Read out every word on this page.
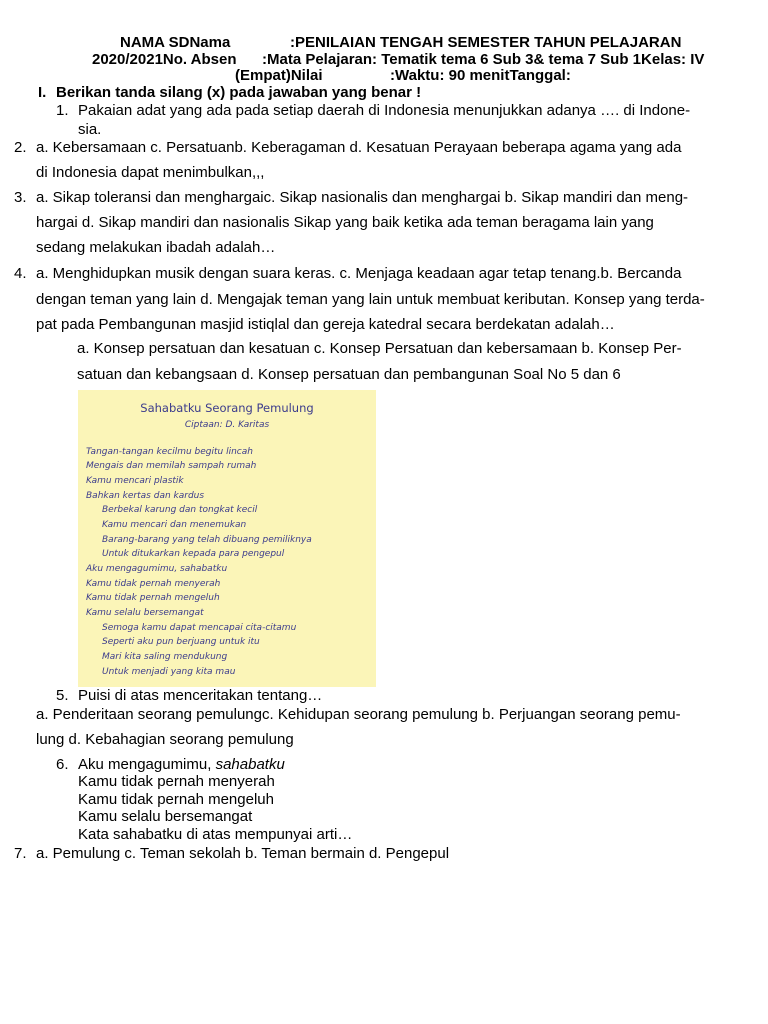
NAMA SDNama	:PENILAIAN TENGAH SEMESTER TAHUN PELAJARAN
2020/2021No. Absen :Mata Pelajaran: Tematik tema 6 Sub 3& tema 7 Sub 1Kelas: IV
(Empat)Nilai	:Waktu: 90 menitTanggal:
I. Berikan tanda silang (x) pada jawaban yang benar !
1. Pakaian adat yang ada pada setiap daerah di Indonesia menunjukkan adanya …. di Indone-
sia.
2. a. Kebersamaan c. Persatuanb. Keberagaman d. Kesatuan Perayaan beberapa agama yang ada
di Indonesia dapat menimbulkan,,,
3. a. Sikap toleransi dan menghargaic. Sikap nasionalis dan menghargai b. Sikap mandiri dan meng-
hargai d. Sikap mandiri dan nasionalis Sikap yang baik ketika ada teman beragama lain yang
sedang melakukan ibadah adalah…
4. a. Menghidupkan musik dengan suara keras. c. Menjaga keadaan agar tetap tenang.b. Bercanda
dengan teman yang lain d. Mengajak teman yang lain untuk membuat keributan. Konsep yang terda-
pat pada Pembangunan masjid istiqlal dan gereja katedral secara berdekatan adalah…
a. Konsep persatuan dan kesatuan c. Konsep Persatuan dan kebersamaan b. Konsep Per-
satuan dan kebangsaan d. Konsep persatuan dan pembangunan Soal No 5 dan 6
Sahabatku Seorang Pemulung
Ciptaan: D. Karitas
Tangan-tangan kecilmu begitu lincah
Mengais dan memilah sampah rumah
Kamu mencari plastik
Bahkan kertas dan kardus
Berbekal karung dan tongkat kecil
Kamu mencari dan menemukan
Barang-barang yang telah dibuang pemiliknya
Untuk ditukarkan kepada para pengepul
Aku mengagumimu, sahabatku
Kamu tidak pernah menyerah
Kamu tidak pernah mengeluh
Kamu selalu bersemangat
Semoga kamu dapat mencapai cita-citamu
Seperti aku pun berjuang untuk itu
Mari kita saling mendukung
Untuk menjadi yang kita mau
5. Puisi di atas menceritakan tentang…
a. Penderitaan seorang pemulungc. Kehidupan seorang pemulung b. Perjuangan seorang pemu-
lung d. Kebahagian seorang pemulung
6. Aku mengagumimu, sahabatku
Kamu tidak pernah menyerah
Kamu tidak pernah mengeluh
Kamu selalu bersemangat
Kata sahabatku di atas mempunyai arti…
7. a. Pemulung c. Teman sekolah b. Teman bermain d. Pengepul
